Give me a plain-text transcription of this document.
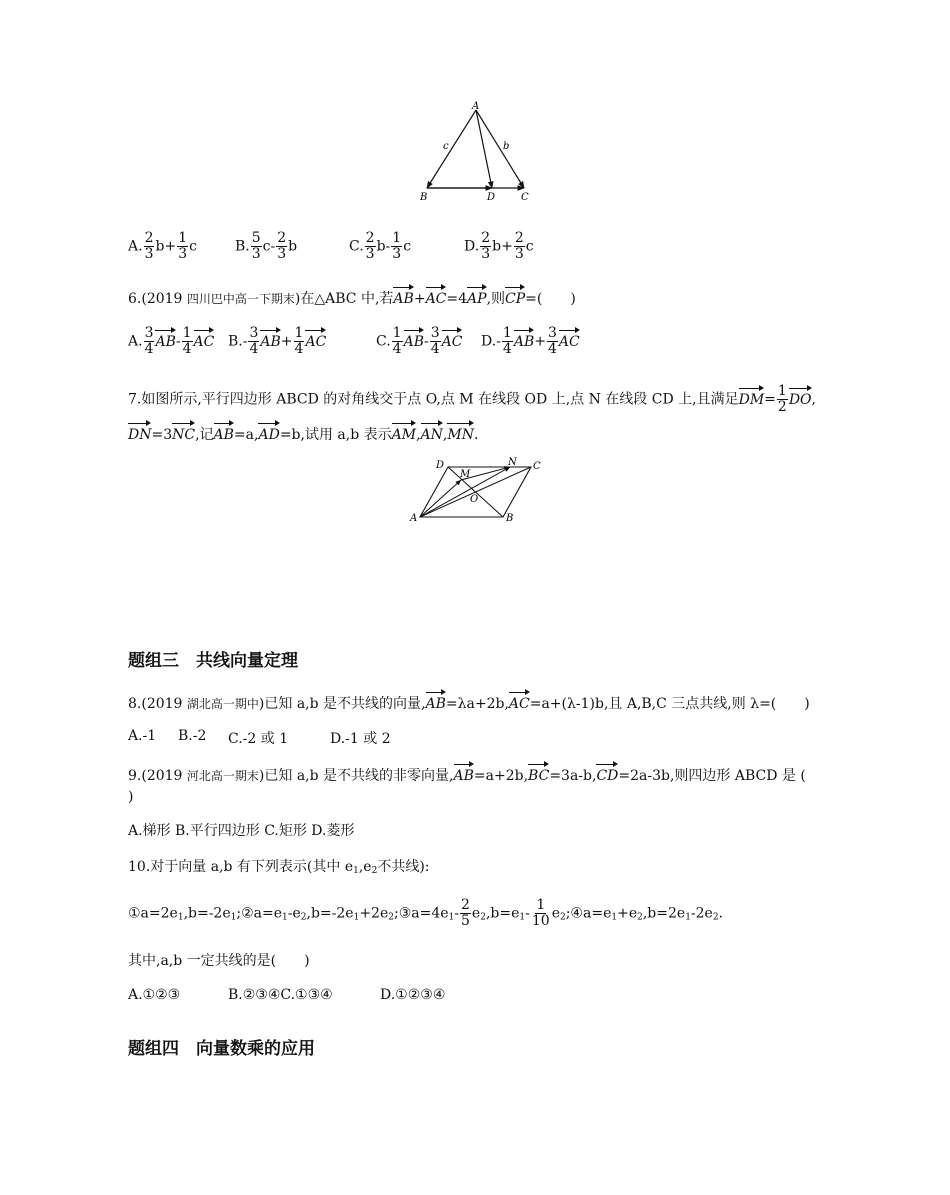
A
B	D	C
c	b
A. $\frac{2}{3} b+ \frac{1}{3}$ c	B. $\frac{5}{3} c- \frac{2}{3}$ b	C. $\frac{2}{3} b- \frac{1}{3}$ c	D. $\frac{2}{3} b+ \frac{2}{3}$ c
6.(2019 四川巴中高一下期末)在△ABC 中,若AB+AC=4AP,则CP=(　　)
A. $\frac{3}{4} AB- \frac{1}{4}$ AC $B.- \frac{3}{4} AB+ \frac{1}{4}$ AC	C. $\frac{1}{4} AB- \frac{3}{4}$ AC $D.- \frac{1}{4} AB+ \frac{3}{4}$ AC
7.如图所示,平行四边形 ABCD 的对角线交于点 O,点 M 在线段 OD 上,点 N 在线段 CD 上,且满足$DM= \frac{1}{2}$ DO,
DN=3NC,记AB=a,AD=b,试用 a,b 表示AM,AN,MN.
D
M
N C
O
A	B
题组三　共线向量定理
8.(2019 湖北高一期中)已知 a,b 是不共线的向量,AB=λa+2b,AC=a+(λ-1)b,且 A,B,C 三点共线,则 λ=(　　)
A.-1 B.-2 C.-2 或 1	D.-1 或 2
9.(2019 河北高一期末)已知 a,b 是不共线的非零向量,AB=a+2b,BC=3a-b,CD=2a-3b,则四边形 ABCD 是 (
)
A.梯形 B.平行四边形 C.矩形 D.菱形
10.对于向量 a,b 有下列表示(其中 $e_1,e_2$不共线):
$①a=2e_1,b=-2e_1;②a=e_1-e_2,b=-2e_1+2e_2;③a=4e_1- \frac{2}{5} e_2,b=e_1- \frac{1}{10}$ $e_2;④a=e_1+e_2,b=2e_1-2e_2$.
其中,a,b 一定共线的是(　　)
A.①②③	B.②③④C.①③④	D.①②③④
题组四　向量数乘的应用
